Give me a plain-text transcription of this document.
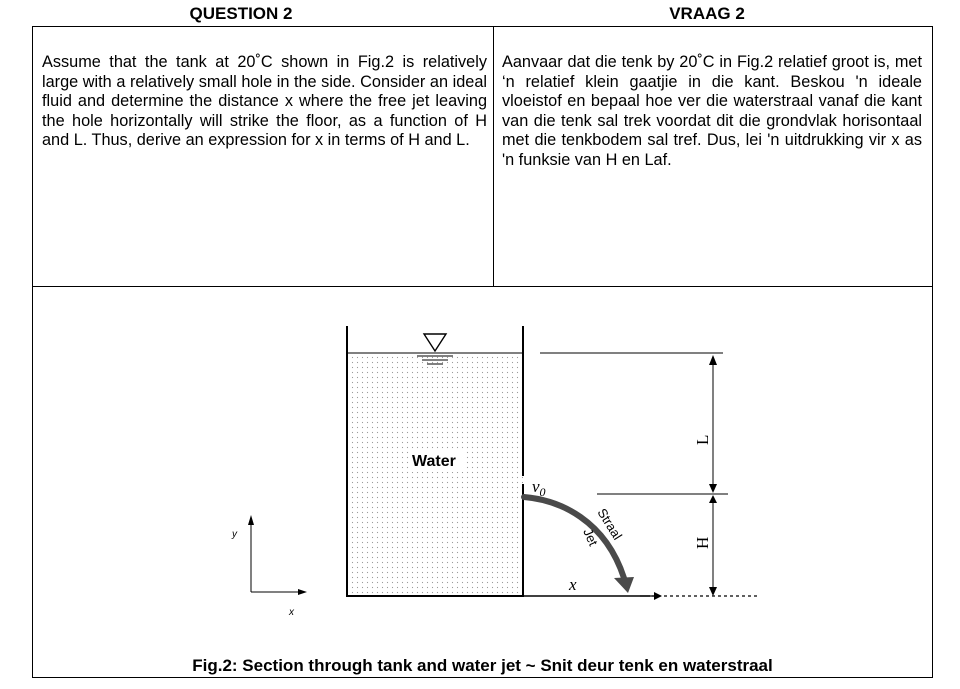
QUESTION 2	VRAAG 2

Assume that the tank at 20˚C shown in Fig.2 is relatively large with a relatively small hole in the side. Consider an ideal fluid and determine the distance x where the free jet leaving the hole horizontally will strike the floor, as a function of H and L. Thus, derive an expression for x in terms of H and L.

Aanvaar dat die tenk by 20˚C in Fig.2 relatief groot is, met ‘n relatief klein gaatjie in die kant. Beskou 'n ideale vloeistof en bepaal hoe ver die waterstraal vanaf die kant van die tenk sal trek voordat dit die grondvlak horisontaal met die tenkbodem sal tref. Dus, lei 'n uitdrukking vir x as 'n funksie van H en Laf.

Water
$v_0$
Straal
Jet
x
L
H
y
x
Fig.2: Section through tank and water jet ~ Snit deur tenk en waterstraal
